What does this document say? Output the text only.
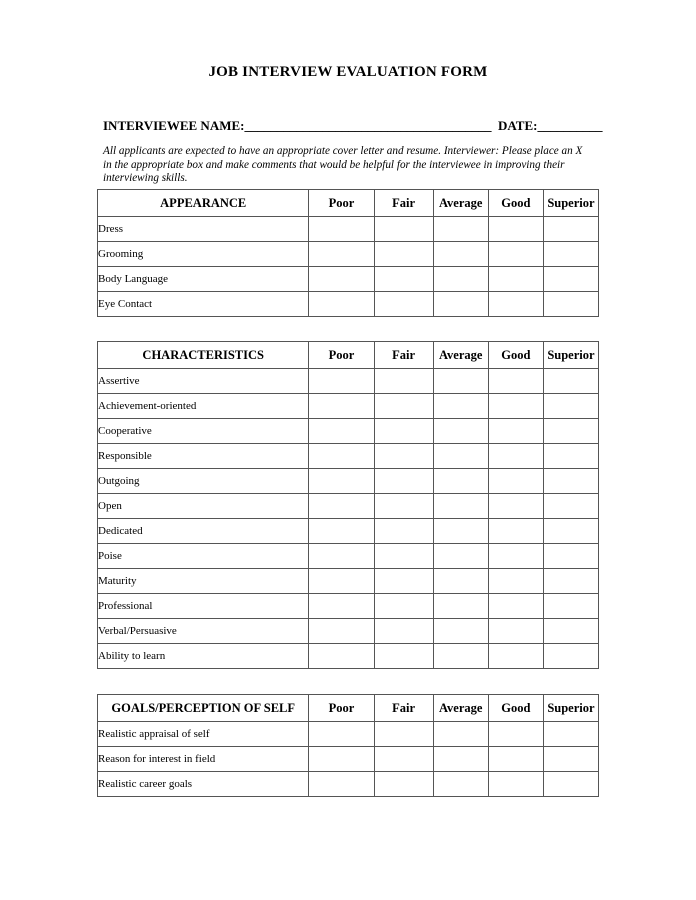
JOB INTERVIEW EVALUATION FORM
INTERVIEWEE NAME:______________________________________ DATE:__________
All applicants are expected to have an appropriate cover letter and resume. Interviewer: Please place an X in the appropriate box and make comments that would be helpful for the interviewee in improving their interviewing skills.
APPEARANCE	Poor	Fair	Average	Good	Superior
Dress					
Grooming					
Body Language					
Eye Contact					
CHARACTERISTICS	Poor	Fair	Average	Good	Superior
Assertive					
Achievement-oriented					
Cooperative					
Responsible					
Outgoing					
Open					
Dedicated					
Poise					
Maturity					
Professional					
Verbal/Persuasive					
Ability to learn					
GOALS/PERCEPTION OF SELF	Poor	Fair	Average	Good	Superior
Realistic appraisal of self					
Reason for interest in field					
Realistic career goals					
